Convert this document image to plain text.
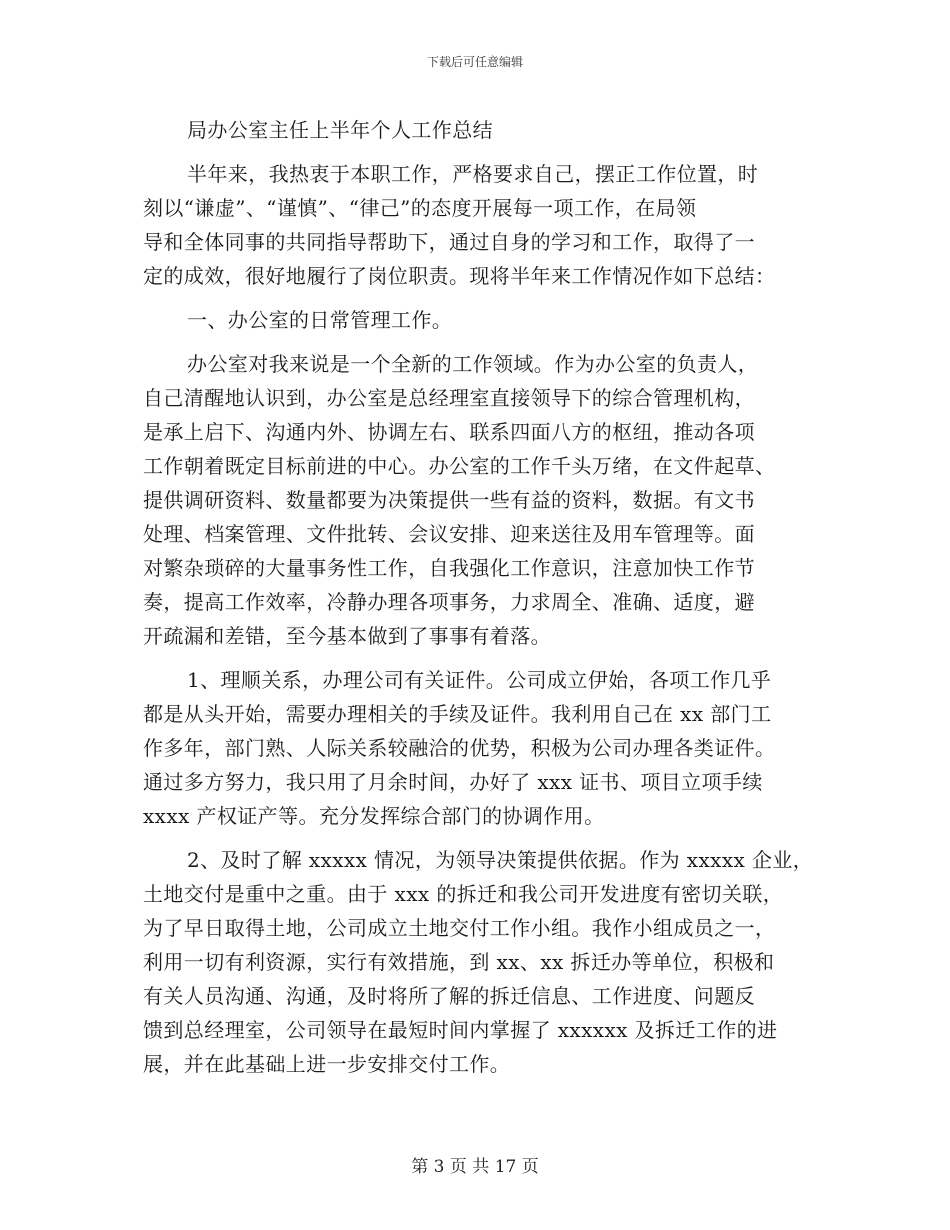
下载后可任意编辑
局办公室主任上半年个人工作总结
半年来，我热衷于本职工作，严格要求自己，摆正工作位置，时
刻以“谦虚”、“谨慎”、“律己”的态度开展每一项工作，在局领
导和全体同事的共同指导帮助下，通过自身的学习和工作，取得了一
定的成效，很好地履行了岗位职责。现将半年来工作情况作如下总结：
一、办公室的日常管理工作。
办公室对我来说是一个全新的工作领域。作为办公室的负责人，
自己清醒地认识到，办公室是总经理室直接领导下的综合管理机构，
是承上启下、沟通内外、协调左右、联系四面八方的枢纽，推动各项
工作朝着既定目标前进的中心。办公室的工作千头万绪，在文件起草、
提供调研资料、数量都要为决策提供一些有益的资料，数据。有文书
处理、档案管理、文件批转、会议安排、迎来送往及用车管理等。面
对繁杂琐碎的大量事务性工作，自我强化工作意识，注意加快工作节
奏，提高工作效率，冷静办理各项事务，力求周全、准确、适度，避
开疏漏和差错，至今基本做到了事事有着落。
1、理顺关系，办理公司有关证件。公司成立伊始，各项工作几乎
都是从头开始，需要办理相关的手续及证件。我利用自己在 xx 部门工
作多年，部门熟、人际关系较融洽的优势，积极为公司办理各类证件。
通过多方努力，我只用了月余时间，办好了 xxx 证书、项目立项手续
xxxx 产权证产等。充分发挥综合部门的协调作用。
2、及时了解 xxxxx 情况，为领导决策提供依据。作为 xxxxx 企业，
土地交付是重中之重。由于 xxx 的拆迁和我公司开发进度有密切关联，
为了早日取得土地，公司成立土地交付工作小组。我作小组成员之一，
利用一切有利资源，实行有效措施，到 xx、xx 拆迁办等单位，积极和
有关人员沟通、沟通，及时将所了解的拆迁信息、工作进度、问题反
馈到总经理室，公司领导在最短时间内掌握了 xxxxxx 及拆迁工作的进
展，并在此基础上进一步安排交付工作。
第 3 页 共 17 页
